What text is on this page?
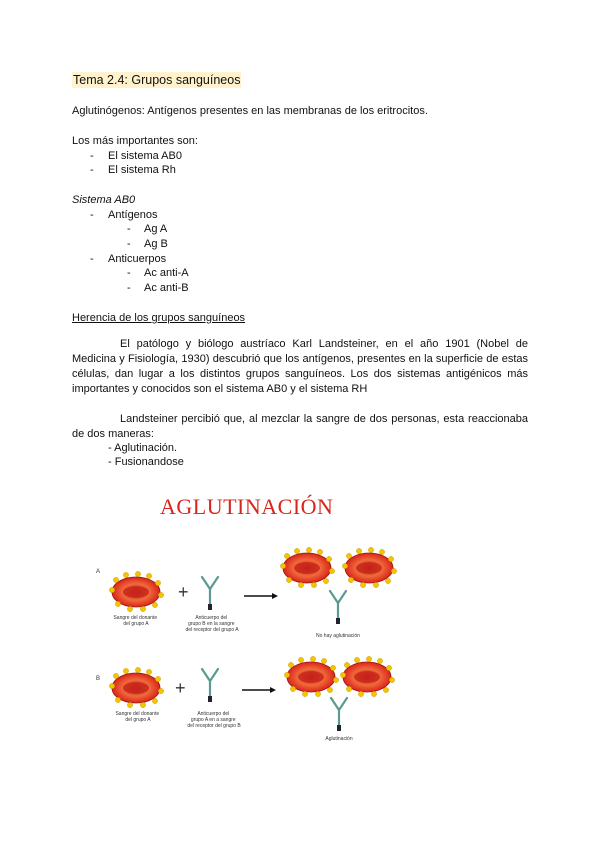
Tema 2.4: Grupos sanguíneos
Aglutinógenos: Antígenos presentes en las membranas de los eritrocitos.
Los más importantes son:
- El sistema AB0
- El sistema Rh
Sistema AB0
- Antígenos
- Ag A
- Ag B
- Anticuerpos
- Ac anti-A
- Ac anti-B
Herencia de los grupos sanguíneos
El patólogo y biólogo austríaco Karl Landsteiner, en el año 1901 (Nobel de Medicina y Fisiología, 1930) descubrió que los antígenos, presentes en la superficie de estas células, dan lugar a los distintos grupos sanguíneos. Los dos sistemas antigénicos más importantes y conocidos son el sistema AB0 y el sistema RH
Landsteiner percibió que, al mezclar la sangre de dos personas, esta reaccionaba de dos maneras:
- Aglutinación.
- Fusionandose
AGLUTINACIÓN
A
+
Sangre del donante del grupo A
Anticuerpo del grupo B en la sangre del receptor del grupo A
No hay aglutinación
B	+
Sangre del donante del grupo A
Anticuerpo del grupo A en a sangre del receptor del grupo B
Aglutinación
